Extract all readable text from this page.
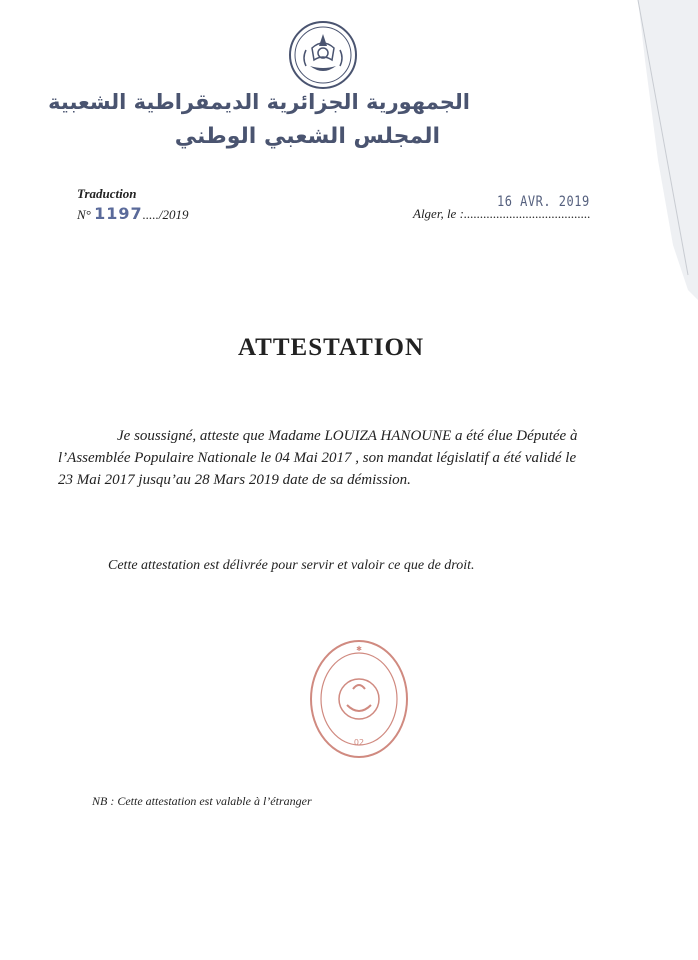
الجمهورية الجزائرية الديمقراطية الشعبية
المجلس الشعبي الوطني
Traduction
N° 1197...../2019	Alger, le :.......................................
16 AVR. 2019
ATTESTATION
Je soussigné, atteste que Madame LOUIZA HANOUNE a été élue Députée à
l’Assemblée Populaire Nationale le 04 Mai 2017 , son mandat législatif a été validé le
23 Mai 2017 jusqu’au 28 Mars 2019 date de sa démission.
Cette attestation est délivrée pour servir et valoir ce que de droit.
02
✱
NB : Cette attestation est valable à l’étranger
